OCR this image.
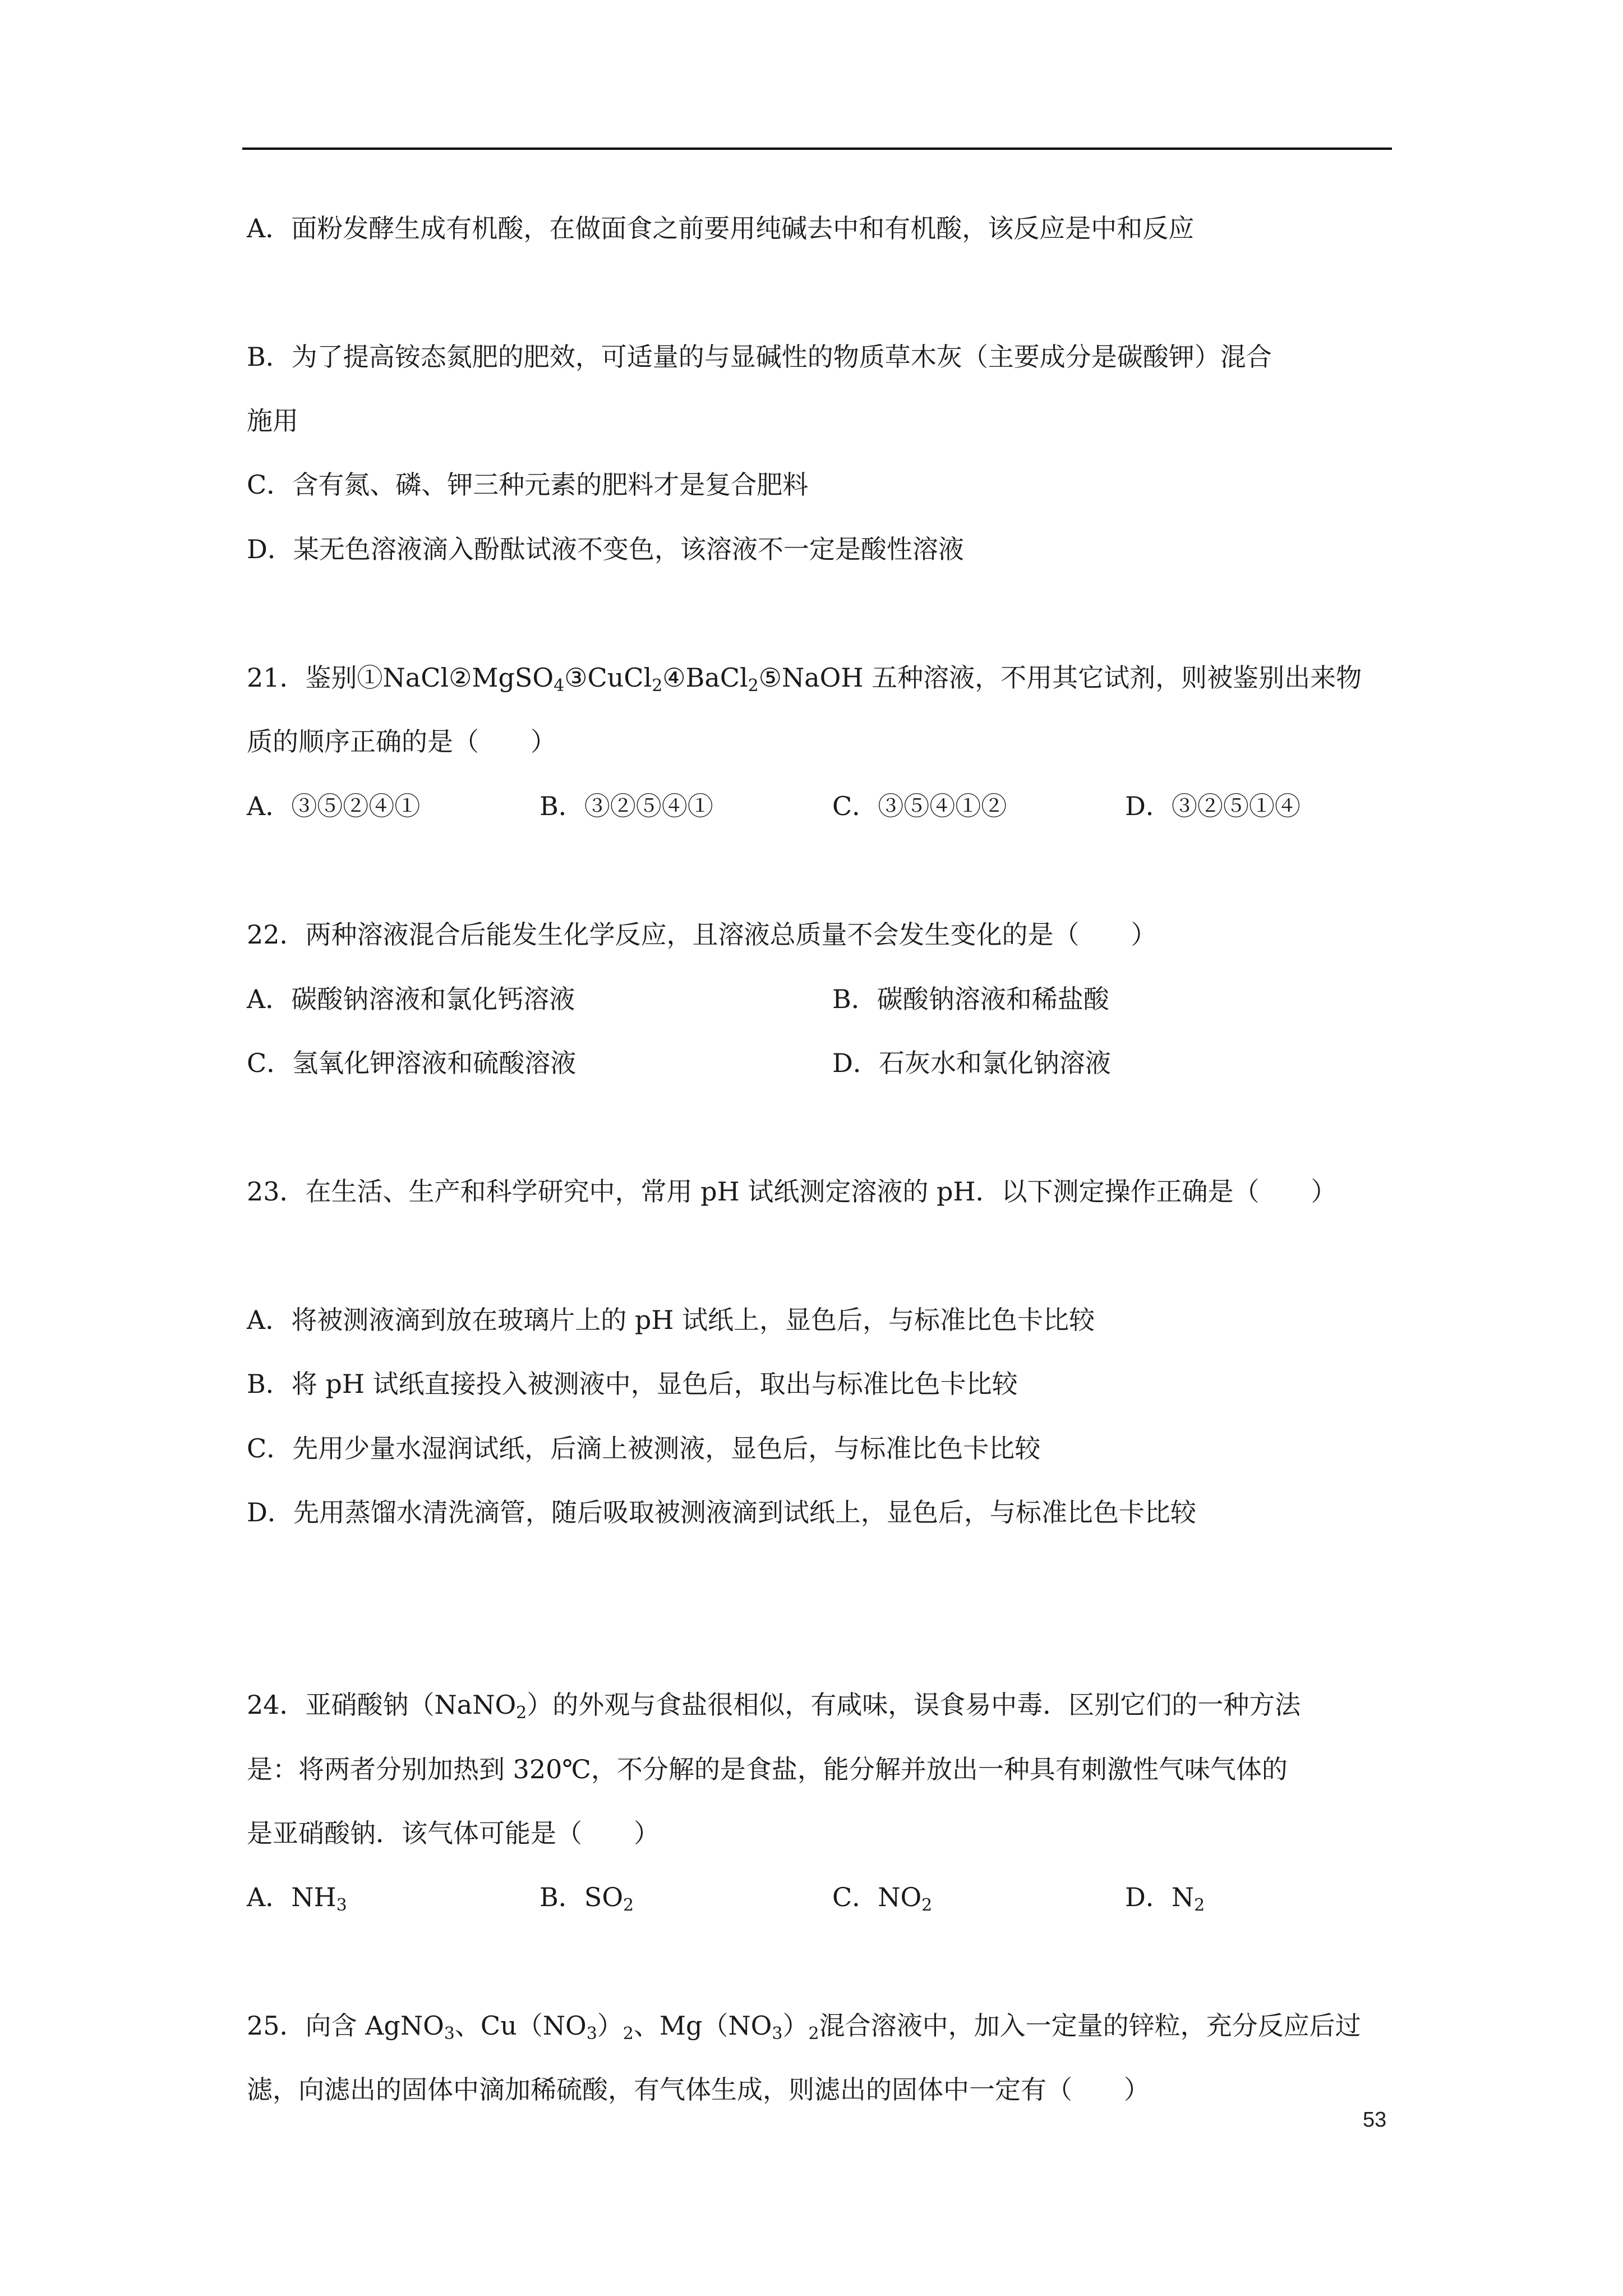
A．面粉发酵生成有机酸，在做面食之前要用纯碱去中和有机酸，该反应是中和反应
B．为了提高铵态氮肥的肥效，可适量的与显碱性的物质草木灰（主要成分是碳酸钾）混合
施用
C．含有氮、磷、钾三种元素的肥料才是复合肥料
D．某无色溶液滴入酚酞试液不变色，该溶液不一定是酸性溶液
21．鉴别①NaCl②MgSO$_4$③CuCl$_2$④BaCl$_2$⑤NaOH 五种溶液，不用其它试剂，则被鉴别出来物
质的顺序正确的是（　　）
A．③⑤②④①	B．③②⑤④①	C．③⑤④①②	D．③②⑤①④
22．两种溶液混合后能发生化学反应，且溶液总质量不会发生变化的是（　　）
A．碳酸钠溶液和氯化钙溶液	B．碳酸钠溶液和稀盐酸
C．氢氧化钾溶液和硫酸溶液	D．石灰水和氯化钠溶液
23．在生活、生产和科学研究中，常用 pH 试纸测定溶液的 pH．以下测定操作正确是（　　）
A．将被测液滴到放在玻璃片上的 pH 试纸上，显色后，与标准比色卡比较
B．将 pH 试纸直接投入被测液中，显色后，取出与标准比色卡比较
C．先用少量水湿润试纸，后滴上被测液，显色后，与标准比色卡比较
D．先用蒸馏水清洗滴管，随后吸取被测液滴到试纸上，显色后，与标准比色卡比较
24．亚硝酸钠（NaNO$_2$）的外观与食盐很相似，有咸味，误食易中毒．区别它们的一种方法
是：将两者分别加热到 320℃，不分解的是食盐，能分解并放出一种具有刺激性气味气体的
是亚硝酸钠．该气体可能是（　　）
A．$NH_3$	B．$SO_2$	C．$NO_2$	D．$N_2$
25．向含 AgNO$_3$、$Cu(NO_3)_2$、$Mg(NO_3)_2$混合溶液中，加入一定量的锌粒，充分反应后过
滤，向滤出的固体中滴加稀硫酸，有气体生成，则滤出的固体中一定有（　　）
53
